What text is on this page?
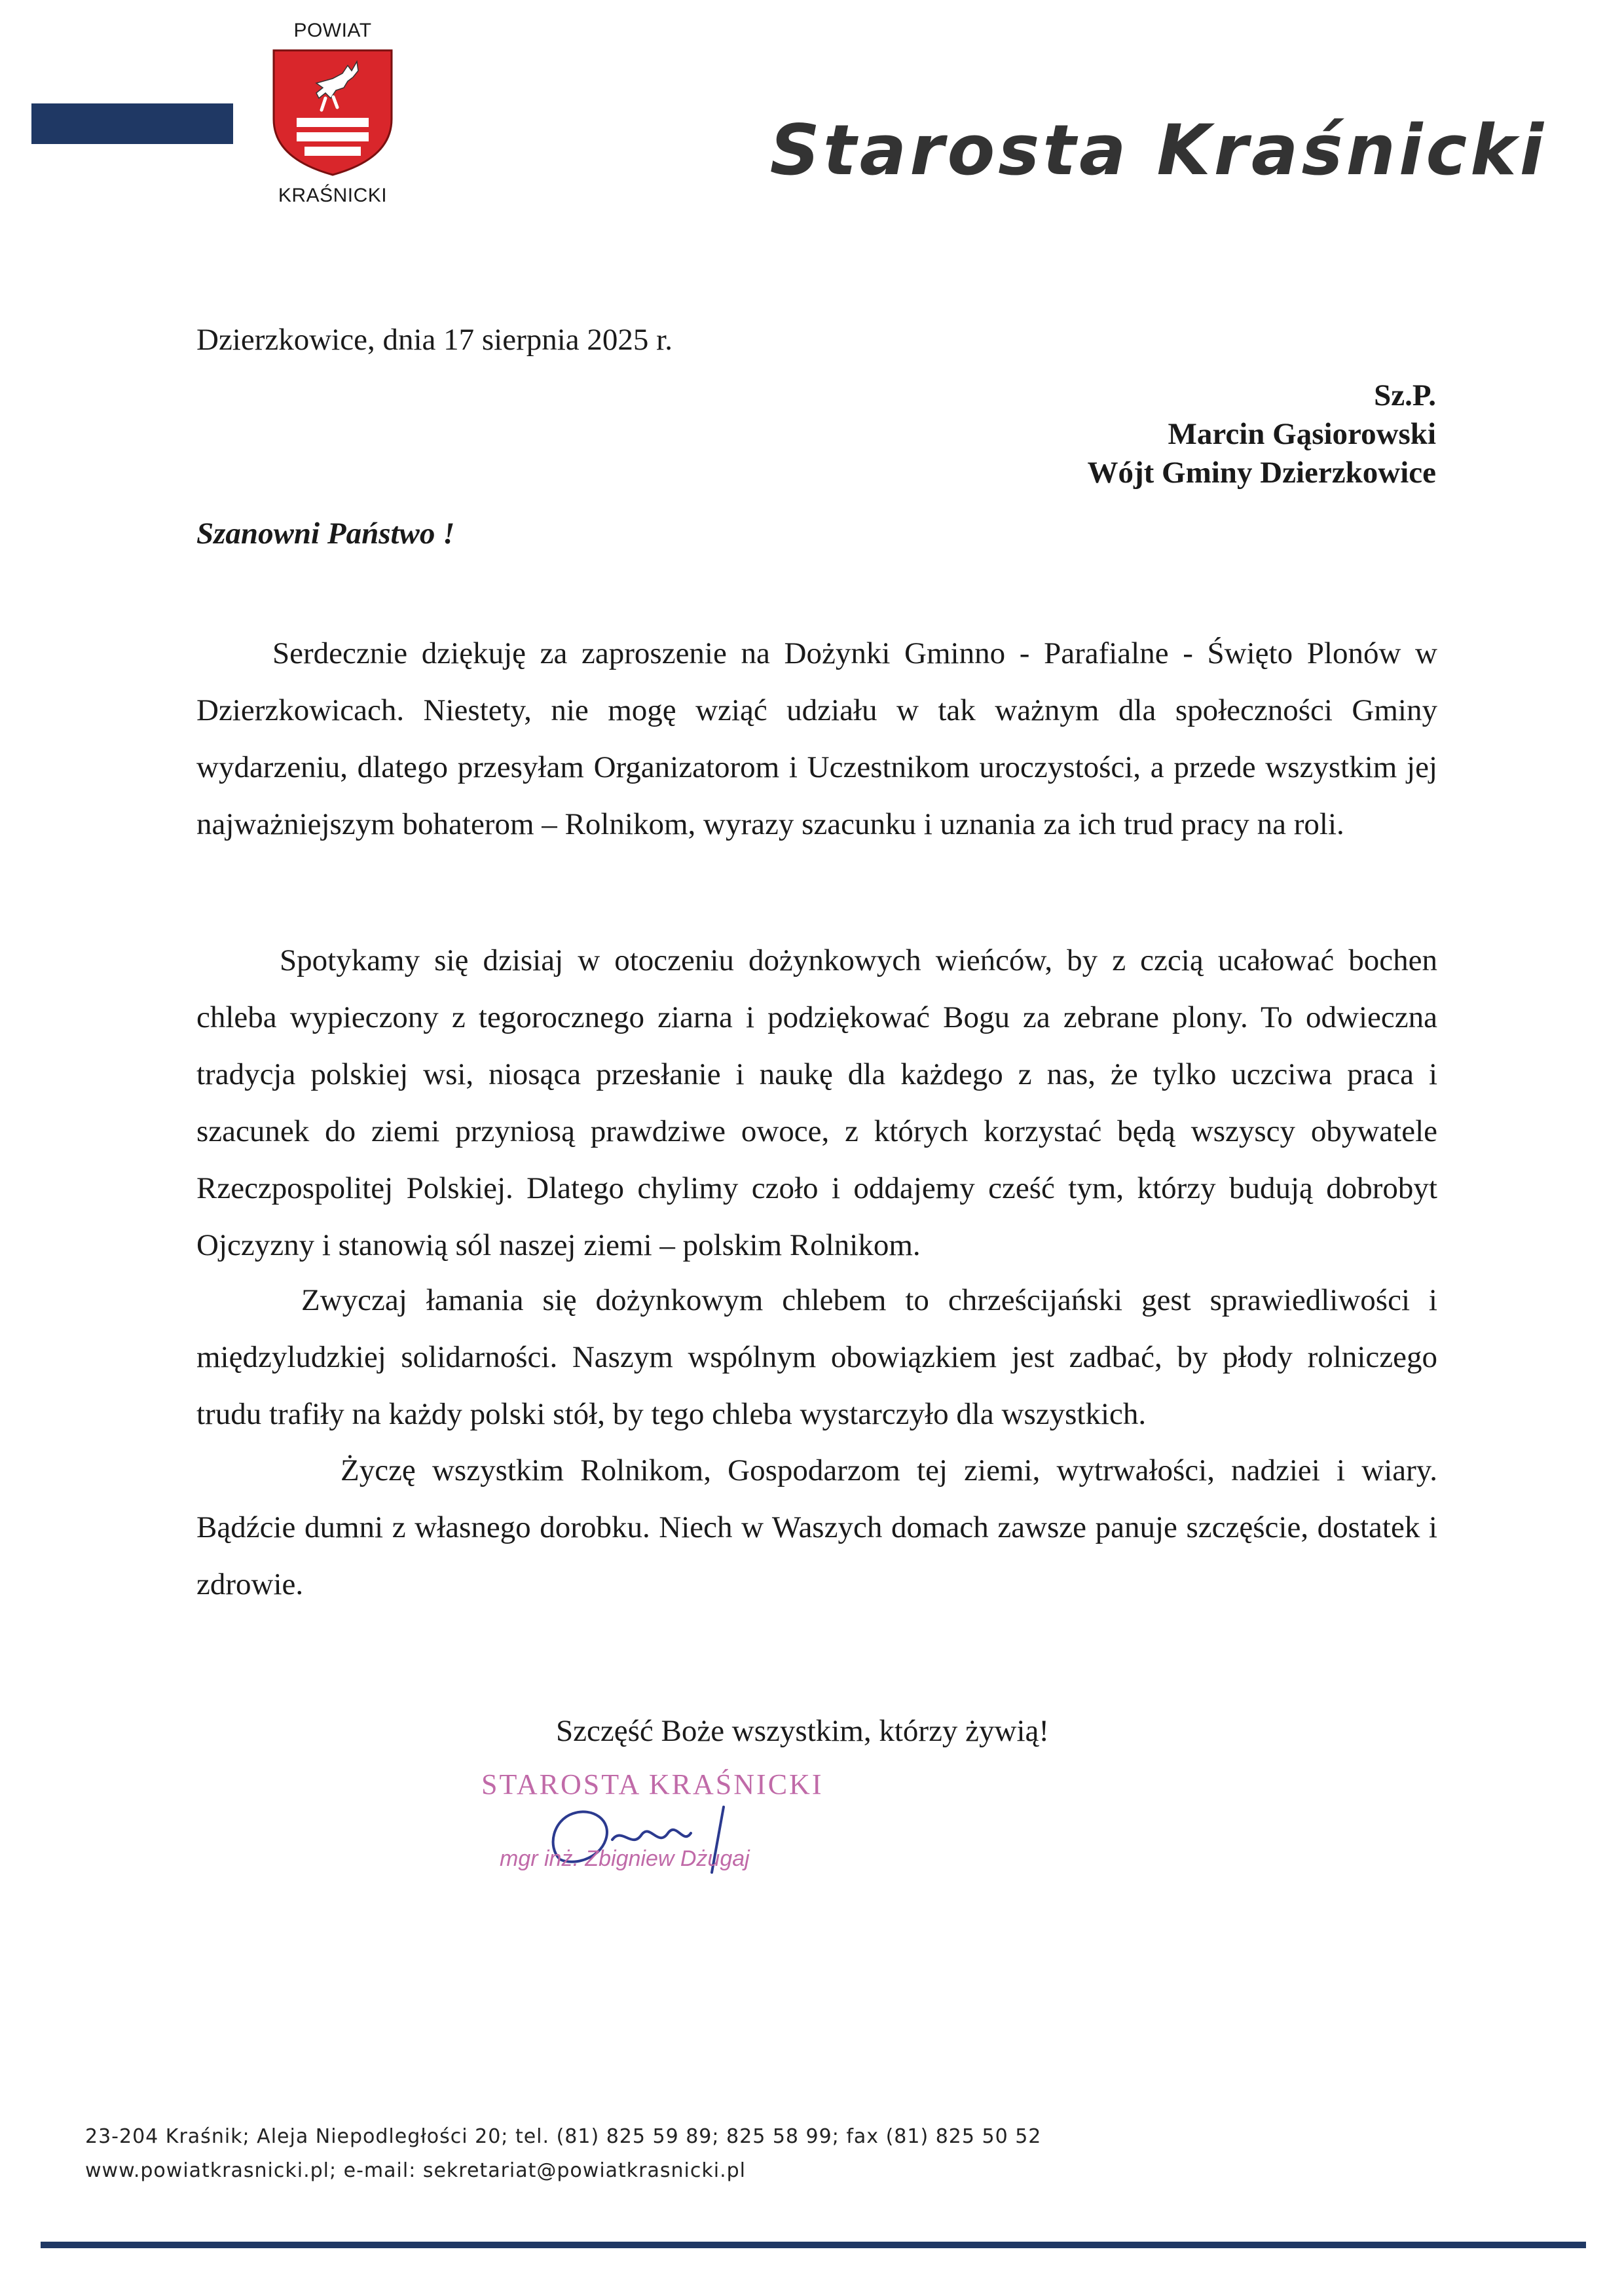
POWIAT
KRAŚNICKI
Starosta Kraśnicki
Dzierzkowice, dnia 17 sierpnia 2025 r.
Sz.P.
Marcin Gąsiorowski
Wójt Gminy Dzierzkowice
Szanowni Państwo !

Serdecznie dziękuję za zaproszenie na Dożynki Gminno - Parafialne - Święto Plonów w Dzierzkowicach. Niestety, nie mogę wziąć udziału w tak ważnym dla społeczności Gminy wydarzeniu, dlatego przesyłam Organizatorom i Uczestnikom uroczystości, a przede wszystkim jej najważniejszym bohaterom – Rolnikom, wyrazy szacunku i uznania za ich trud pracy na roli.

Spotykamy się dzisiaj w otoczeniu dożynkowych wieńców, by z czcią ucałować bochen chleba wypieczony z tegorocznego ziarna i podziękować Bogu za zebrane plony. To odwieczna tradycja polskiej wsi, niosąca przesłanie i naukę dla każdego z nas, że tylko uczciwa praca i szacunek do ziemi przyniosą prawdziwe owoce, z których korzystać będą wszyscy obywatele Rzeczpospolitej Polskiej. Dlatego chylimy czoło i oddajemy cześć tym, którzy budują dobrobyt Ojczyzny i stanowią sól naszej ziemi – polskim Rolnikom.

Zwyczaj łamania się dożynkowym chlebem to chrześcijański gest sprawiedliwości i międzyludzkiej solidarności. Naszym wspólnym obowiązkiem jest zadbać, by płody rolniczego trudu trafiły na każdy polski stół, by tego chleba wystarczyło dla wszystkich.

Życzę wszystkim Rolnikom, Gospodarzom tej ziemi, wytrwałości, nadziei i wiary. Bądźcie dumni z własnego dorobku. Niech w Waszych domach zawsze panuje szczęście, dostatek i zdrowie.

Szczęść Boże wszystkim, którzy żywią!
STAROSTA KRAŚNICKI
mgr inż. Zbigniew Dżugaj
23-204 Kraśnik; Aleja Niepodległości 20; tel. (81) 825 59 89; 825 58 99; fax (81) 825 50 52
www.powiatkrasnicki.pl; e-mail: sekretariat@powiatkrasnicki.pl
